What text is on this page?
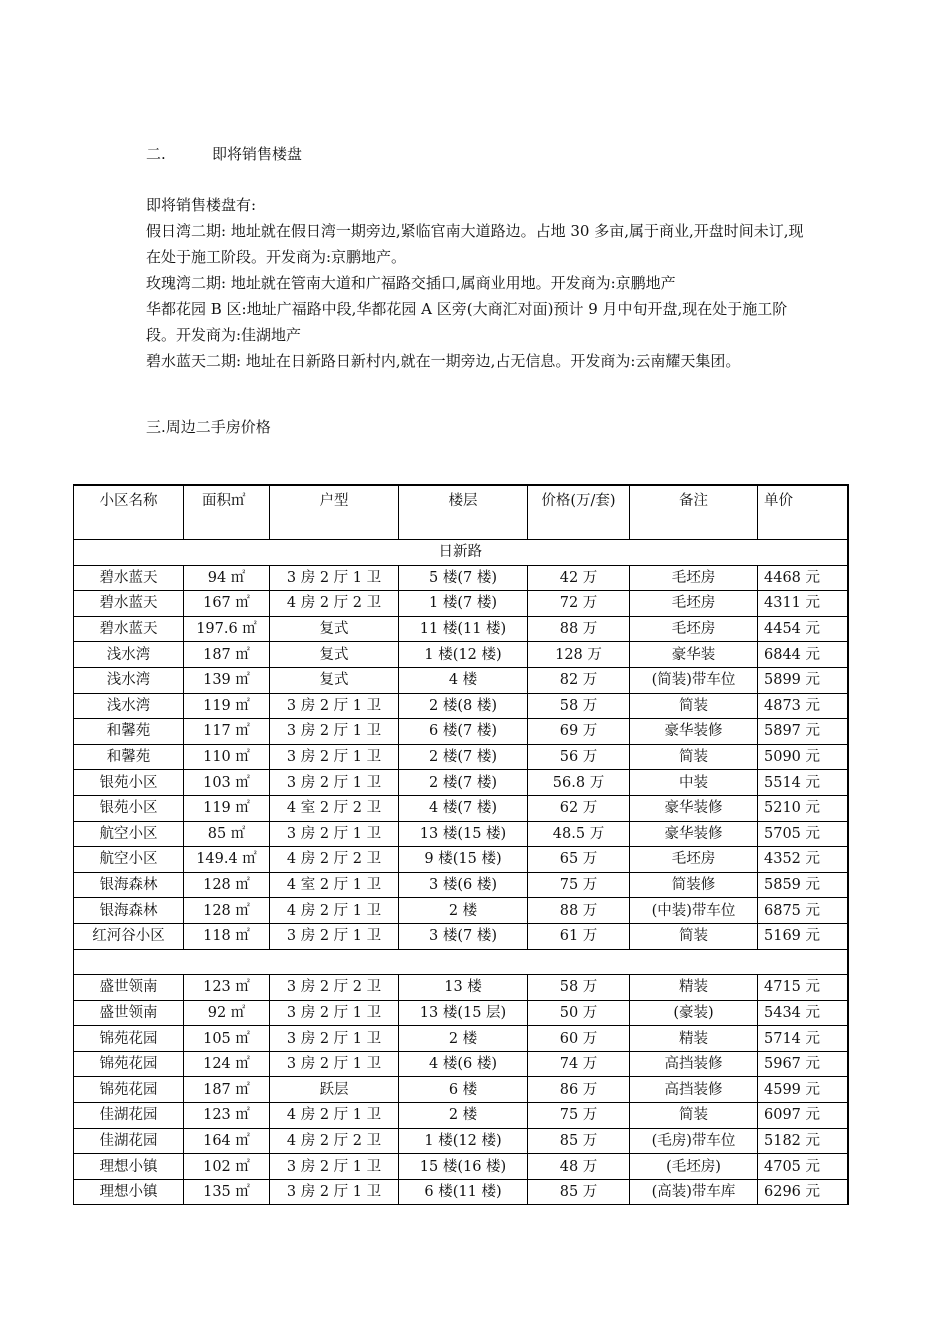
二.	即将销售楼盘

即将销售楼盘有:

假日湾二期: 地址就在假日湾一期旁边,紧临官南大道路边。占地 30 多亩,属于商业,开盘时间未订,现在处于施工阶段。开发商为:京鹏地产。

玫瑰湾二期: 地址就在管南大道和广福路交插口,属商业用地。开发商为:京鹏地产

华都花园 B 区:地址广福路中段,华都花园 A 区旁(大商汇对面)预计 9 月中旬开盘,现在处于施工阶段。开发商为:佳湖地产

碧水蓝天二期: 地址在日新路日新村内,就在一期旁边,占无信息。开发商为:云南耀天集团。

三.周边二手房价格
小区名称	面积㎡	户型	楼层	价格(万/套)	备注	单价
日新路						
碧水蓝天	94 ㎡	3 房 2 厅 1 卫	5 楼(7 楼)	42 万	毛坯房	4468 元
碧水蓝天	167 ㎡	4 房 2 厅 2 卫	1 楼(7 楼)	72 万	毛坯房	4311 元
碧水蓝天	197.6 ㎡	复式	11 楼(11 楼)	88 万	毛坯房	4454 元
浅水湾	187 ㎡	复式	1 楼(12 楼)	128 万	豪华装	6844 元
浅水湾	139 ㎡	复式	4 楼	82 万	(简装)带车位	5899 元
浅水湾	119 ㎡	3 房 2 厅 1 卫	2 楼(8 楼)	58 万	简装	4873 元
和馨苑	117 ㎡	3 房 2 厅 1 卫	6 楼(7 楼)	69 万	豪华装修	5897 元
和馨苑	110 ㎡	3 房 2 厅 1 卫	2 楼(7 楼)	56 万	简装	5090 元
银苑小区	103 ㎡	3 房 2 厅 1 卫	2 楼(7 楼)	56.8 万	中装	5514 元
银苑小区	119 ㎡	4 室 2 厅 2 卫	4 楼(7 楼)	62 万	豪华装修	5210 元
航空小区	85 ㎡	3 房 2 厅 1 卫	13 楼(15 楼)	48.5 万	豪华装修	5705 元
航空小区	149.4 ㎡	4 房 2 厅 2 卫	9 楼(15 楼)	65 万	毛坯房	4352 元
银海森林	128 ㎡	4 室 2 厅 1 卫	3 楼(6 楼)	75 万	简装修	5859 元
银海森林	128 ㎡	4 房 2 厅 1 卫	2 楼	88 万	(中装)带车位	6875 元
红河谷小区	118 ㎡	3 房 2 厅 1 卫	3 楼(7 楼)	61 万	简装	5169 元

盛世领南	123 ㎡	3 房 2 厅 2 卫	13 楼	58 万	精装	4715 元
盛世领南	92 ㎡	3 房 2 厅 1 卫	13 楼(15 层)	50 万	(豪装)	5434 元
锦苑花园	105 ㎡	3 房 2 厅 1 卫	2 楼	60 万	精装	5714 元
锦苑花园	124 ㎡	3 房 2 厅 1 卫	4 楼(6 楼)	74 万	高挡装修	5967 元
锦苑花园	187 ㎡	跃层	6 楼	86 万	高挡装修	4599 元
佳湖花园	123 ㎡	4 房 2 厅 1 卫	2 楼	75 万	简装	6097 元
佳湖花园	164 ㎡	4 房 2 厅 2 卫	1 楼(12 楼)	85 万	(毛房)带车位	5182 元
理想小镇	102 ㎡	3 房 2 厅 1 卫	15 楼(16 楼)	48 万	(毛坯房)	4705 元
理想小镇	135 ㎡	3 房 2 厅 1 卫	6 楼(11 楼)	85 万	(高装)带车库	6296 元
